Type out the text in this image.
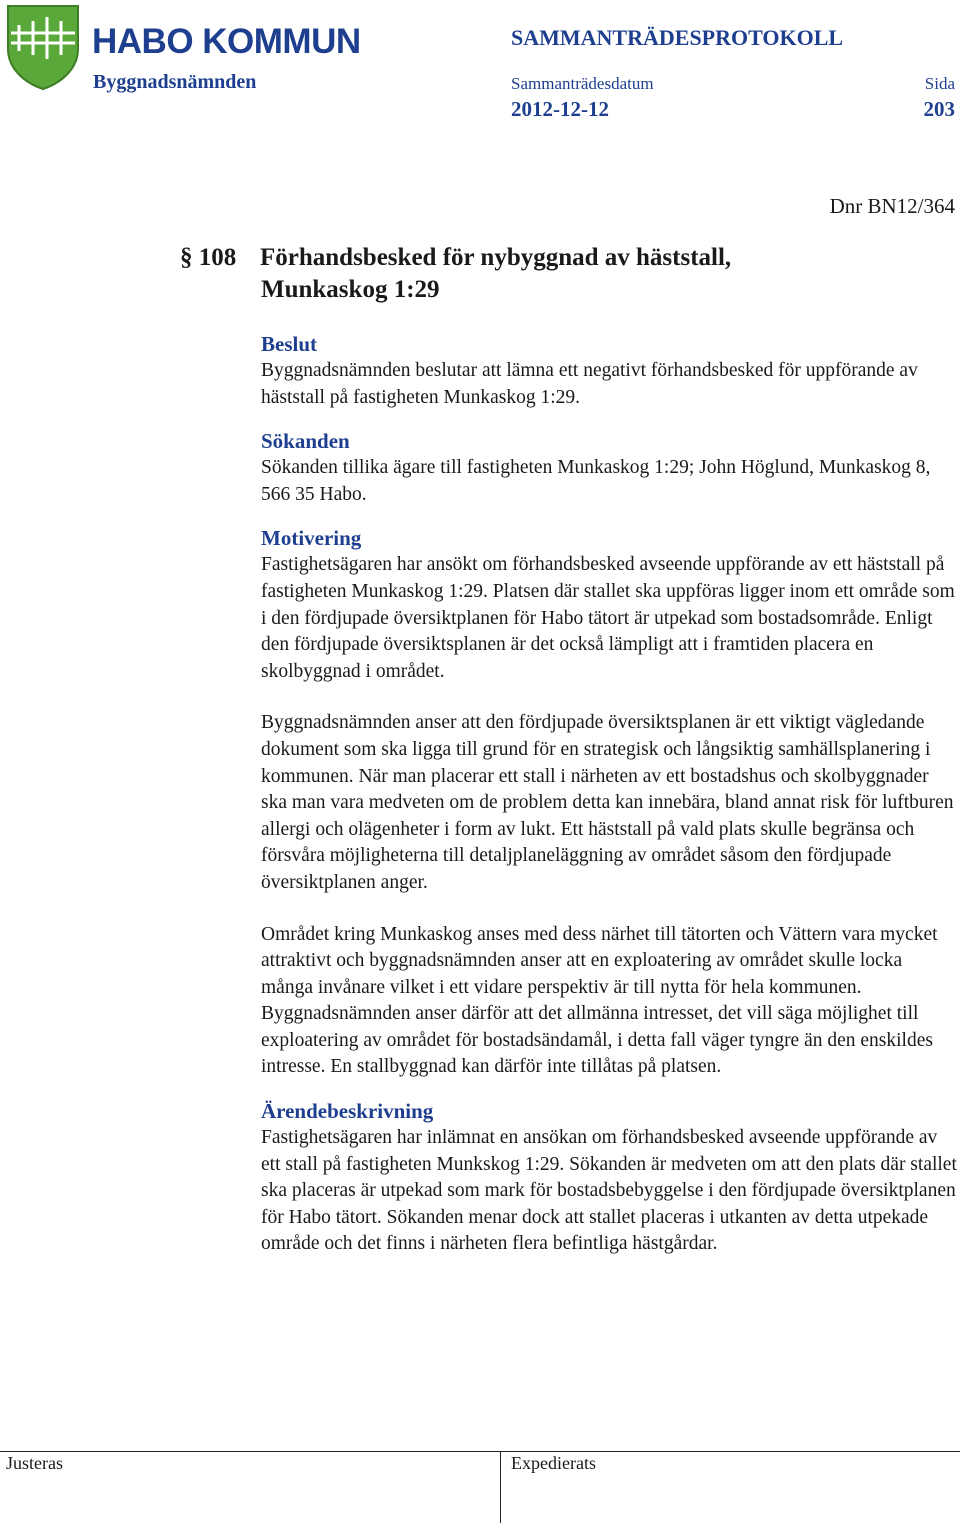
HABO KOMMUN
Byggnadsnämnden
SAMMANTRÄDESPROTOKOLL
Sammanträdesdatum	Sida
2012-12-12	203
Dnr BN12/364
§ 108 Förhandsbesked för nybyggnad av häststall,
Munkaskog 1:29
Beslut

Byggnadsnämnden beslutar att lämna ett negativt förhandsbesked för uppförande av häststall på fastigheten Munkaskog 1:29.

Sökanden

Sökanden tillika ägare till fastigheten Munkaskog 1:29; John Höglund, Munkaskog 8, 566 35 Habo.

Motivering

Fastighetsägaren har ansökt om förhandsbesked avseende uppförande av ett häststall på fastigheten Munkaskog 1:29. Platsen där stallet ska uppföras ligger inom ett område som i den fördjupade översiktplanen för Habo tätort är utpekad som bostadsområde. Enligt den fördjupade översiktsplanen är det också lämpligt att i framtiden placera en skolbyggnad i området.

Byggnadsnämnden anser att den fördjupade översiktsplanen är ett viktigt vägledande dokument som ska ligga till grund för en strategisk och långsiktig samhällsplanering i kommunen. När man placerar ett stall i närheten av ett bostadshus och skolbyggnader ska man vara medveten om de problem detta kan innebära, bland annat risk för luftburen allergi och olägenheter i form av lukt. Ett häststall på vald plats skulle begränsa och försvåra möjligheterna till detaljplaneläggning av området såsom den fördjupade översiktplanen anger.

Området kring Munkaskog anses med dess närhet till tätorten och Vättern vara mycket attraktivt och byggnadsnämnden anser att en exploatering av området skulle locka många invånare vilket i ett vidare perspektiv är till nytta för hela kommunen. Byggnadsnämnden anser därför att det allmänna intresset, det vill säga möjlighet till exploatering av området för bostadsändamål, i detta fall väger tyngre än den enskildes intresse. En stallbyggnad kan därför inte tillåtas på platsen.

Ärendebeskrivning

Fastighetsägaren har inlämnat en ansökan om förhandsbesked avseende uppförande av ett stall på fastigheten Munkskog 1:29. Sökanden är medveten om att den plats där stallet ska placeras är utpekad som mark för bostadsbebyggelse i den fördjupade översiktplanen för Habo tätort. Sökanden menar dock att stallet placeras i utkanten av detta utpekade område och det finns i närheten flera befintliga hästgårdar.

Justeras	Expedierats
